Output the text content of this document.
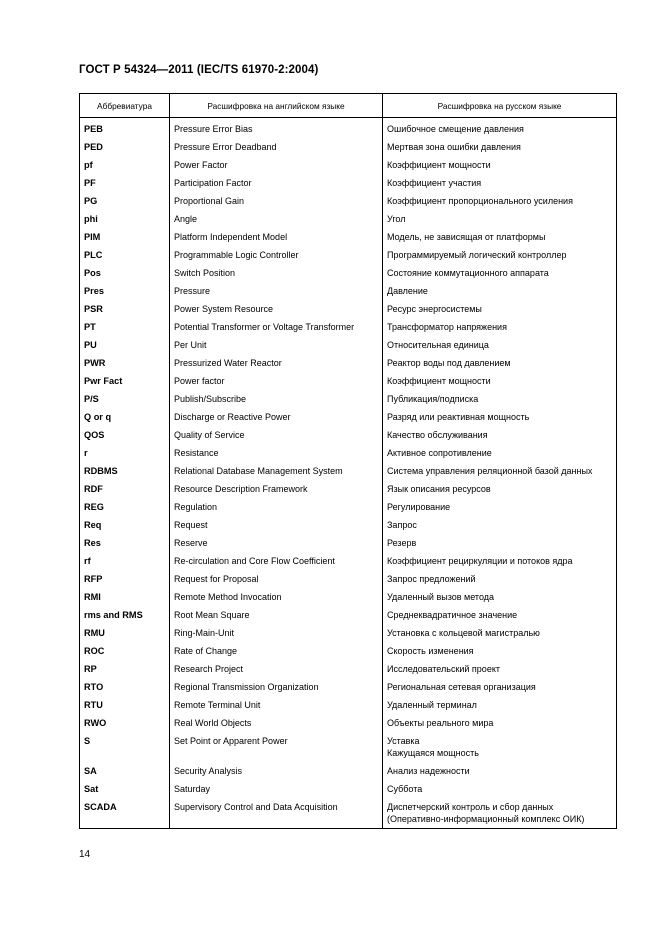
ГОСТ Р 54324—2011 (IEC/TS 61970-2:2004)
Аббревиатура	Расшифровка на английском языке	Расшифровка на русском языке
PEB	Pressure Error Bias	Ошибочное смещение давления
PED	Pressure Error Deadband	Мертвая зона ошибки давления
pf	Power Factor	Коэффициент мощности
PF	Participation Factor	Коэффициент участия
PG	Proportional Gain	Коэффициент пропорционального усиления
phi	Angle	Угол
PIM	Platform Independent Model	Модель, не зависящая от платформы
PLC	Programmable Logic Controller	Программируемый логический контроллер
Pos	Switch Position	Состояние коммутационного аппарата
Pres	Pressure	Давление
PSR	Power System Resource	Ресурс энергосистемы
PT	Potential Transformer or Voltage Transformer	Трансформатор напряжения
PU	Per Unit	Относительная единица
PWR	Pressurized Water Reactor	Реактор воды под давлением
Pwr Fact	Power factor	Коэффициент мощности
P/S	Publish/Subscribe	Публикация/подписка
Q or q	Discharge or Reactive Power	Разряд или реактивная мощность
QOS	Quality of Service	Качество обслуживания
r	Resistance	Активное сопротивление
RDBMS	Relational Database Management System	Система управления реляционной базой данных
RDF	Resource Description Framework	Язык описания ресурсов
REG	Regulation	Регулирование
Req	Request	Запрос
Res	Reserve	Резерв
rf	Re-circulation and Core Flow Coefficient	Коэффициент рециркуляции и потоков ядра
RFP	Request for Proposal	Запрос предложений
RMI	Remote Method Invocation	Удаленный вызов метода
rms and RMS	Root Mean Square	Среднеквадратичное значение
RMU	Ring-Main-Unit	Установка с кольцевой магистралью
ROC	Rate of Change	Скорость изменения
RP	Research Project	Исследовательский проект
RTO	Regional Transmission Organization	Региональная сетевая организация
RTU	Remote Terminal Unit	Удаленный терминал
RWO	Real World Objects	Объекты реального мира
S	Set Point or Apparent Power	Уставка
Кажущаяся мощность
SA	Security Analysis	Анализ надежности
Sat	Saturday	Суббота
SCADA	Supervisory Control and Data Acquisition	Диспетчерский контроль и сбор данных (Оперативно-информационный комплекс ОИК)
14
